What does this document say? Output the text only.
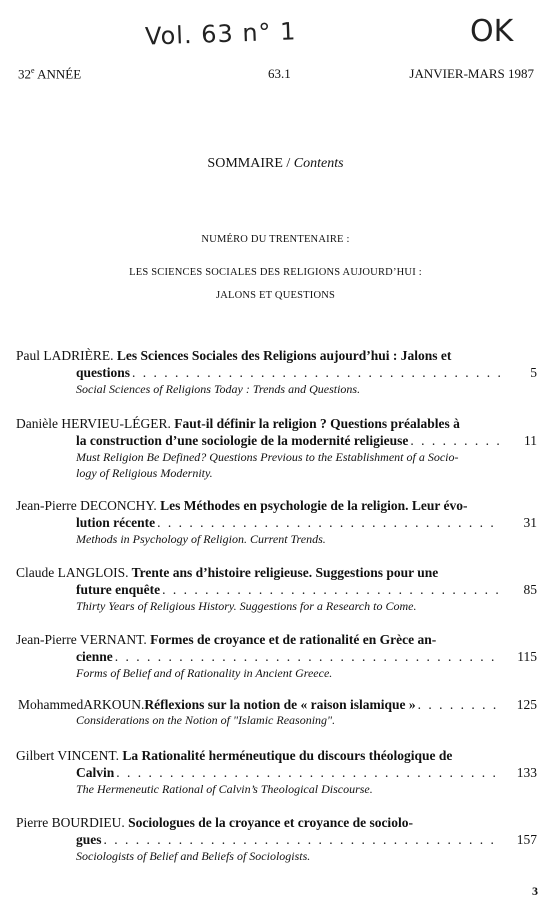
Vol. 63 n° 1	OK
32e ANNÉE	63.1	JANVIER-MARS 1987
SOMMAIRE / Contents
NUMÉRO DU TRENTENAIRE :
LES SCIENCES SOCIALES DES RELIGIONS AUJOURD’HUI :
JALONS ET QUESTIONS
Paul LADRIÈRE. Les Sciences Sociales des Religions aujourd’hui : Jalons et
questions . . .	5
Social Sciences of Religions Today : Trends and Questions.
Danièle HERVIEU-LÉGER. Faut-il définir la religion ? Questions préalables à
la construction d’une sociologie de la modernité religieuse . . .	11
Must Religion Be Defined? Questions Previous to the Establishment of a Socio-
logy of Religious Modernity.
Jean-Pierre DECONCHY. Les Méthodes en psychologie de la religion. Leur évo-
lution récente . . .	31
Methods in Psychology of Religion. Current Trends.
Claude LANGLOIS. Trente ans d’histoire religieuse. Suggestions pour une
future enquête . . .	85
Thirty Years of Religious History. Suggestions for a Research to Come.
Jean-Pierre VERNANT. Formes de croyance et de rationalité en Grèce an-
cienne . . .	115
Forms of Belief and of Rationality in Ancient Greece.
Mohammed ARKOUN. Réflexions sur la notion de « raison islamique » . . .	125
Considerations on the Notion of "Islamic Reasoning".
Gilbert VINCENT. La Rationalité herméneutique du discours théologique de
Calvin . . .	133
The Hermeneutic Rational of Calvin’s Theological Discourse.
Pierre BOURDIEU. Sociologues de la croyance et croyance de sociolo-
gues . . .	157
Sociologists of Belief and Beliefs of Sociologists.
3
